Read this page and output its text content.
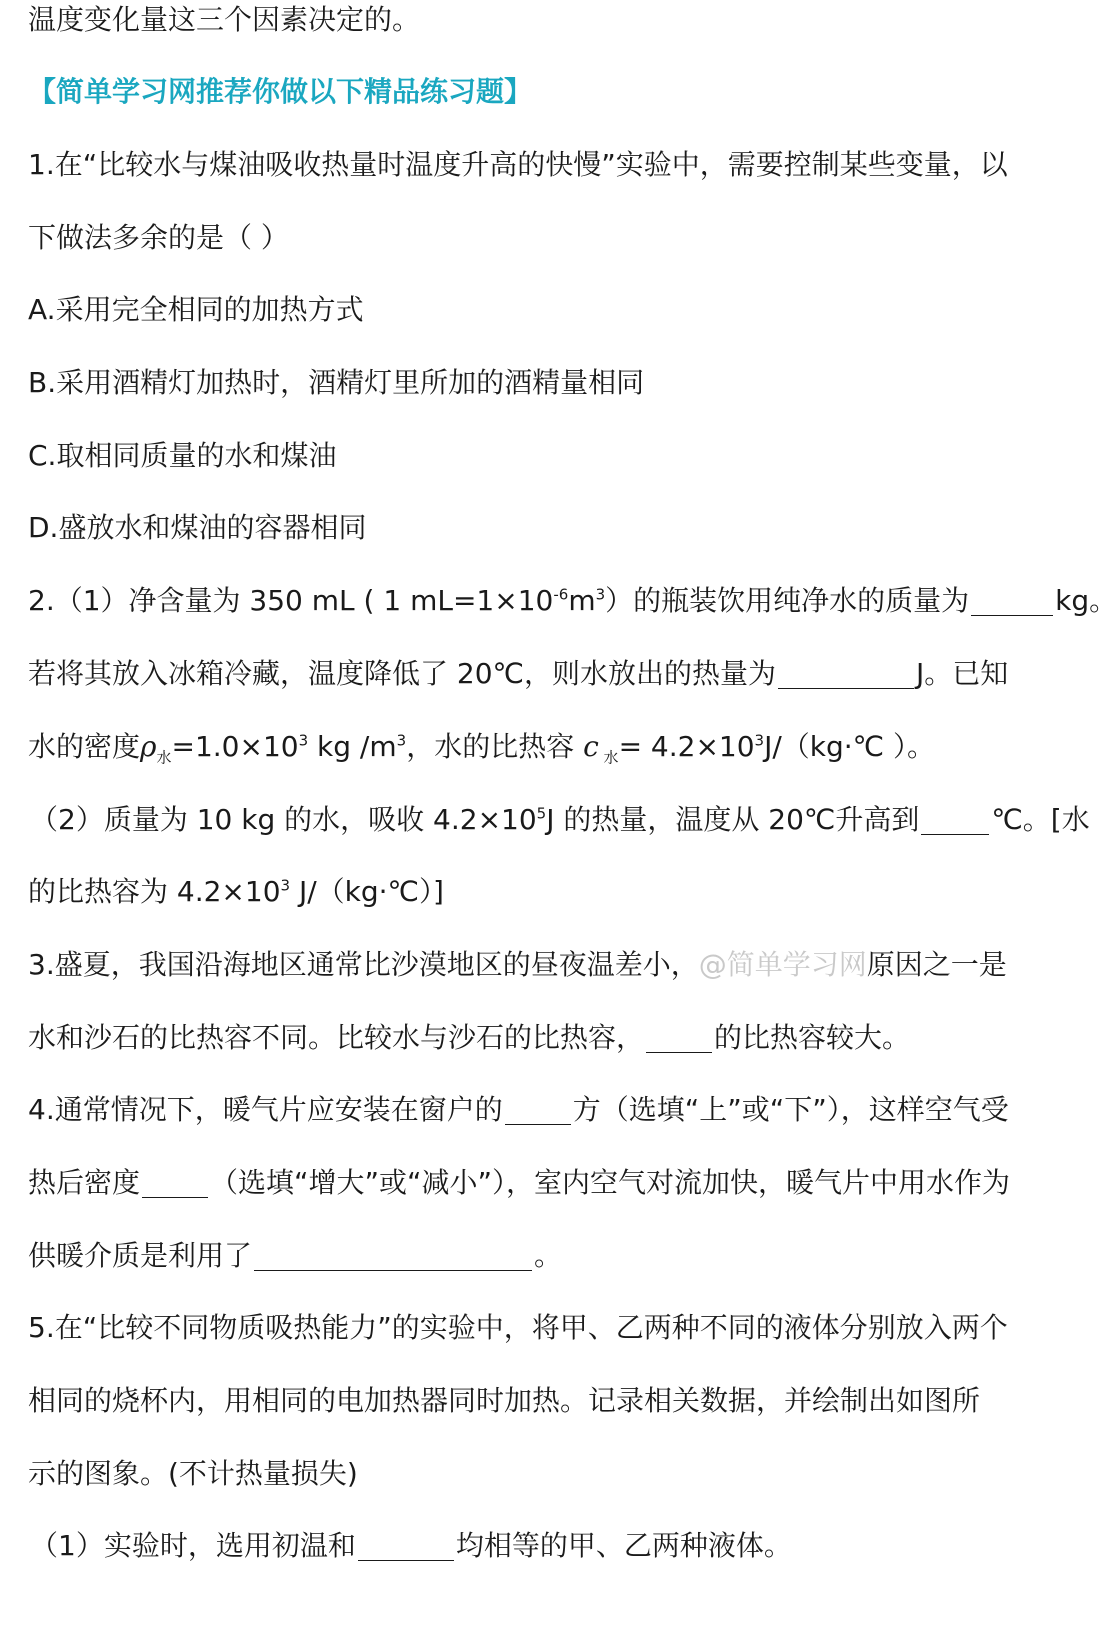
温度变化量这三个因素决定的。
【简单学习网推荐你做以下精品练习题】
1.在“比较水与煤油吸收热量时温度升高的快慢”实验中，需要控制某些变量，以
下做法多余的是（ ）
A.采用完全相同的加热方式
B.采用酒精灯加热时，酒精灯里所加的酒精量相同
C.取相同质量的水和煤油
D.盛放水和煤油的容器相同
2.（1）净含量为 350 mL ( 1 $mL=1\times 10^{-6}m^3$）的瓶装饮用纯净水的质量为	kg。
若将其放入冰箱冷藏，温度降低了 20℃，则水放出的热量为	J。已知
水的密度$\rho_水=1.0\times 10^3$ kg $/m^3$，水的比热容 c $_水= 4.2\times 10^3J/(kg\cdot℃$ ）。
（2）质量为 10 kg 的水，吸收 $4.2\times 10^5J$ 的热量，温度从 20℃升高到	℃。[水
的比热容为 $4.2\times 10^3$ J/（kg·℃）]
3.盛夏，我国沿海地区通常比沙漠地区的昼夜温差小，@简单学习网原因之一是
水和沙石的比热容不同。比较水与沙石的比热容，	的比热容较大。
4.通常情况下，暖气片应安装在窗户的	方（选填“上”或“下”），这样空气受
热后密度	（选填“增大”或“减小”），室内空气对流加快，暖气片中用水作为
供暖介质是利用了	。
5.在“比较不同物质吸热能力”的实验中，将甲、乙两种不同的液体分别放入两个
相同的烧杯内，用相同的电加热器同时加热。记录相关数据，并绘制出如图所
示的图象。(不计热量损失)
（1）实验时，选用初温和	均相等的甲、乙两种液体。
